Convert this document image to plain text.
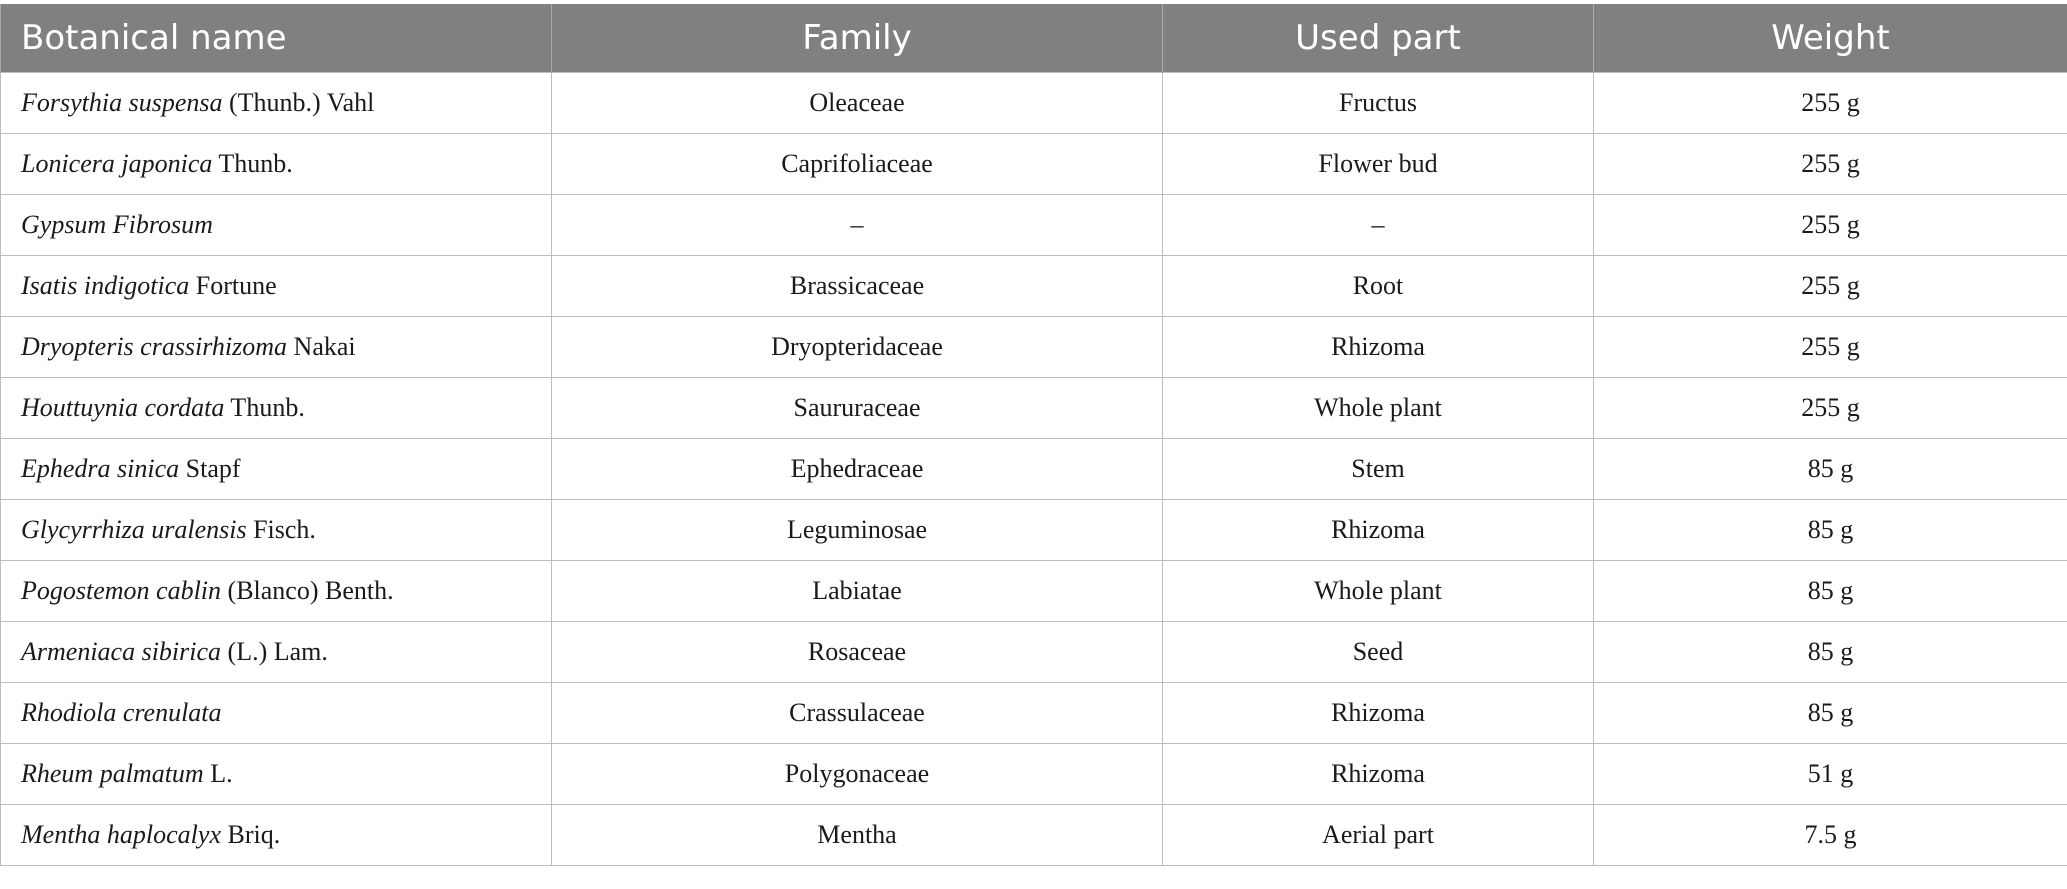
Botanical name	Family	Used part	Weight
Forsythia suspensa (Thunb.) Vahl	Oleaceae	Fructus	255 g
Lonicera japonica Thunb.	Caprifoliaceae	Flower bud	255 g
Gypsum Fibrosum	–	–	255 g
Isatis indigotica Fortune	Brassicaceae	Root	255 g
Dryopteris crassirhizoma Nakai	Dryopteridaceae	Rhizoma	255 g
Houttuynia cordata Thunb.	Saururaceae	Whole plant	255 g
Ephedra sinica Stapf	Ephedraceae	Stem	85 g
Glycyrrhiza uralensis Fisch.	Leguminosae	Rhizoma	85 g
Pogostemon cablin (Blanco) Benth.	Labiatae	Whole plant	85 g
Armeniaca sibirica (L.) Lam.	Rosaceae	Seed	85 g
Rhodiola crenulata	Crassulaceae	Rhizoma	85 g
Rheum palmatum L.	Polygonaceae	Rhizoma	51 g
Mentha haplocalyx Briq.	Mentha	Aerial part	7.5 g
